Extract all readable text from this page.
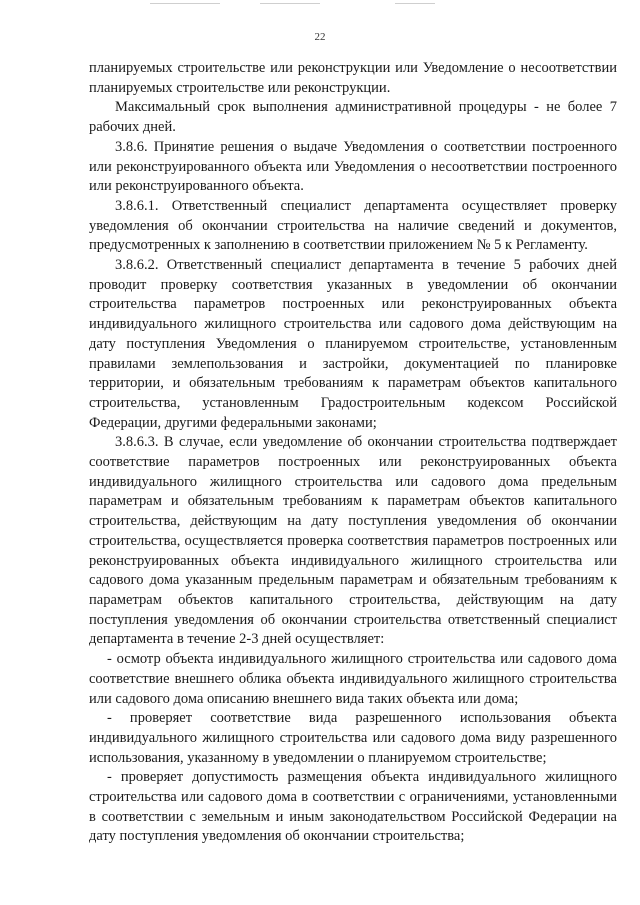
22

планируемых строительстве или реконструкции или Уведомление о несоответствии планируемых строительстве или реконструкции.

Максимальный срок выполнения административной процедуры - не более 7 рабочих дней.

3.8.6. Принятие решения о выдаче Уведомления о соответствии построенного или реконструированного объекта или Уведомления о несоответствии построенного или реконструированного объекта.

3.8.6.1. Ответственный специалист департамента осуществляет проверку уведомления об окончании строительства на наличие сведений и документов, предусмотренных к заполнению в соответствии приложением № 5 к Регламенту.

3.8.6.2. Ответственный специалист департамента в течение 5 рабочих дней проводит проверку соответствия указанных в уведомлении об окончании строительства параметров построенных или реконструированных объекта индивидуального жилищного строительства или садового дома действующим на дату поступления Уведомления о планируемом строительстве, установленным правилами землепользования и застройки, документацией по планировке территории, и обязательным требованиям к параметрам объектов капитального строительства, установленным Градостроительным кодексом Российской Федерации, другими федеральными законами;

3.8.6.3. В случае, если уведомление об окончании строительства подтверждает соответствие параметров построенных или реконструированных объекта индивидуального жилищного строительства или садового дома предельным параметрам и обязательным требованиям к параметрам объектов капитального строительства, действующим на дату поступления уведомления об окончании строительства, осуществляется проверка соответствия параметров построенных или реконструированных объекта индивидуального жилищного строительства или садового дома указанным предельным параметрам и обязательным требованиям к параметрам объектов капитального строительства, действующим на дату поступления уведомления об окончании строительства ответственный специалист департамента в течение 2-3 дней осуществляет:

- осмотр объекта индивидуального жилищного строительства или садового дома соответствие внешнего облика объекта индивидуального жилищного строительства или садового дома описанию внешнего вида таких объекта или дома;

- проверяет соответствие вида разрешенного использования объекта индивидуального жилищного строительства или садового дома виду разрешенного использования, указанному в уведомлении о планируемом строительстве;

- проверяет допустимость размещения объекта индивидуального жилищного строительства или садового дома в соответствии с ограничениями, установленными в соответствии с земельным и иным законодательством Российской Федерации на дату поступления уведомления об окончании строительства;
